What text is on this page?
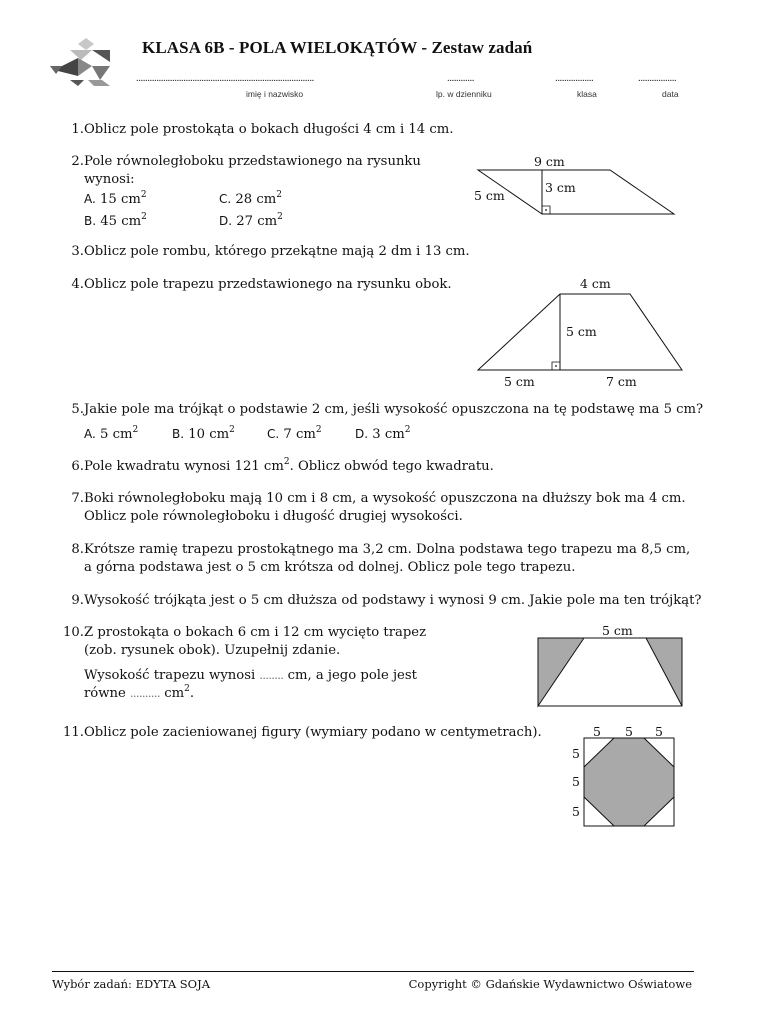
KLASA 6B - POLA WIELOKĄTÓW - Zestaw zadań
...............................................................................
imię i nazwisko
............
lp. w dzienniku
.................
klasa
.................
data
1. Oblicz pole prostokąta o bokach długości 4 cm i 14 cm.
2. Pole równoległoboku przedstawionego na rysunku
wynosi:
A. 15 $cm^2$	C. 28 $cm^2$
B. 45 $cm^2$	D. 27 $cm^2$
9 cm
3 cm
5 cm
3. Oblicz pole rombu, którego przekątne mają 2 dm i 13 cm.
4. Oblicz pole trapezu przedstawionego na rysunku obok.	4 cm
5 cm
5 cm	7 cm
5. Jakie pole ma trójkąt o podstawie 2 cm, jeśli wysokość opuszczona na tę podstawę ma 5 cm?
A. 5 $cm^2$	B. 10 $cm^2$	C. 7 $cm^2$	D. 3 $cm^2$
6. Pole kwadratu wynosi 121 $cm^2$. Oblicz obwód tego kwadratu.
7. Boki równoległoboku mają 10 cm i 8 cm, a wysokość opuszczona na dłuższy bok ma 4 cm.
Oblicz pole równoległoboku i długość drugiej wysokości.
8. Krótsze ramię trapezu prostokątnego ma 3,2 cm. Dolna podstawa tego trapezu ma 8,5 cm,
a górna podstawa jest o 5 cm krótsza od dolnej. Oblicz pole tego trapezu.
9. Wysokość trójkąta jest o 5 cm dłuższa od podstawy i wynosi 9 cm. Jakie pole ma ten trójkąt?
10. Z prostokąta o bokach 6 cm i 12 cm wycięto trapez
(zob. rysunek obok). Uzupełnij zdanie.
Wysokość trapezu wynosi ........ cm, a jego pole jest
równe .......... $cm^2$.
5 cm
11. Oblicz pole zacieniowanej figury (wymiary podano w centymetrach).	5 5 5
5
5
5
Wybór zadań: EDYTA SOJA	Copyright © Gdańskie Wydawnictwo Oświatowe
